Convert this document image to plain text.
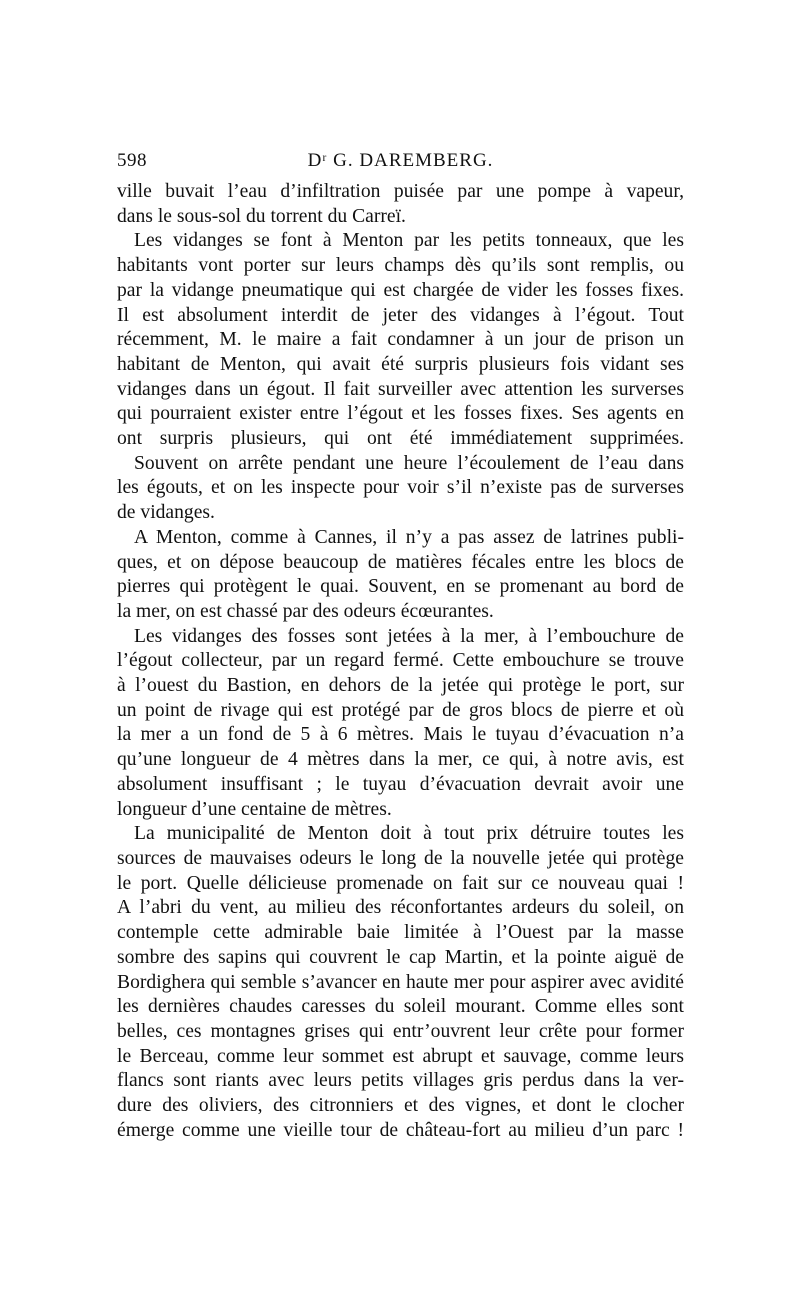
598	Dʳ G. DAREMBERG.
ville buvait l’eau d’infiltration puisée par une pompe à vapeur,
dans le sous-sol du torrent du Carreï.
Les vidanges se font à Menton par les petits tonneaux, que les
habitants vont porter sur leurs champs dès qu’ils sont remplis, ou
par la vidange pneumatique qui est chargée de vider les fosses fixes.
Il est absolument interdit de jeter des vidanges à l’égout. Tout
récemment, M. le maire a fait condamner à un jour de prison un
habitant de Menton, qui avait été surpris plusieurs fois vidant ses
vidanges dans un égout. Il fait surveiller avec attention les surverses
qui pourraient exister entre l’égout et les fosses fixes. Ses agents en
ont surpris plusieurs, qui ont été immédiatement supprimées.
Souvent on arrête pendant une heure l’écoulement de l’eau dans
les égouts, et on les inspecte pour voir s’il n’existe pas de surverses
de vidanges.
A Menton, comme à Cannes, il n’y a pas assez de latrines publi-
ques, et on dépose beaucoup de matières fécales entre les blocs de
pierres qui protègent le quai. Souvent, en se promenant au bord de
la mer, on est chassé par des odeurs écœurantes.
Les vidanges des fosses sont jetées à la mer, à l’embouchure de
l’égout collecteur, par un regard fermé. Cette embouchure se trouve
à l’ouest du Bastion, en dehors de la jetée qui protège le port, sur
un point de rivage qui est protégé par de gros blocs de pierre et où
la mer a un fond de 5 à 6 mètres. Mais le tuyau d’évacuation n’a
qu’une longueur de 4 mètres dans la mer, ce qui, à notre avis, est
absolument insuffisant ; le tuyau d’évacuation devrait avoir une
longueur d’une centaine de mètres.
La municipalité de Menton doit à tout prix détruire toutes les
sources de mauvaises odeurs le long de la nouvelle jetée qui protège
le port. Quelle délicieuse promenade on fait sur ce nouveau quai !
A l’abri du vent, au milieu des réconfortantes ardeurs du soleil, on
contemple cette admirable baie limitée à l’Ouest par la masse
sombre des sapins qui couvrent le cap Martin, et la pointe aiguë de
Bordighera qui semble s’avancer en haute mer pour aspirer avec avidité
les dernières chaudes caresses du soleil mourant. Comme elles sont
belles, ces montagnes grises qui entr’ouvrent leur crête pour former
le Berceau, comme leur sommet est abrupt et sauvage, comme leurs
flancs sont riants avec leurs petits villages gris perdus dans la ver-
dure des oliviers, des citronniers et des vignes, et dont le clocher
émerge comme une vieille tour de château-fort au milieu d’un parc !
